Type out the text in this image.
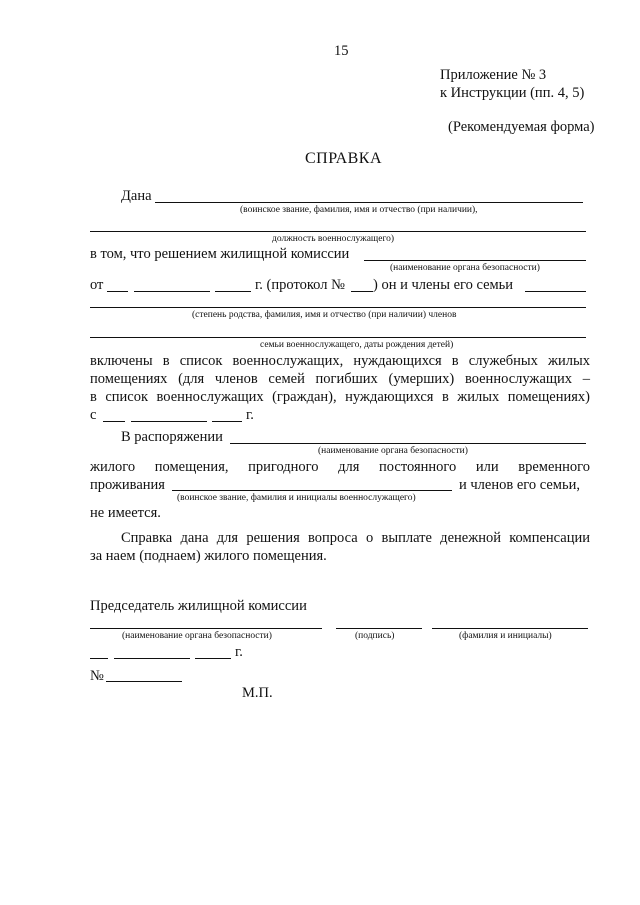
15
Приложение № 3
к Инструкции (пп. 4, 5)
(Рекомендуемая форма)
СПРАВКА
Дана
(воинское звание, фамилия, имя и отчество (при наличии),
должность военнослужащего)
в том, что решением жилищной комиссии
(наименование органа безопасности)
от	г. (протокол № ) он и члены его семьи
(степень родства, фамилия, имя и отчество (при наличии) членов
семьи военнослужащего, даты рождения детей)
включены в список военнослужащих, нуждающихся в служебных жилых
помещениях (для членов семей погибших (умерших) военнослужащих –
в список военнослужащих (граждан), нуждающихся в жилых помещениях)
с	г.
В распоряжении
(наименование органа безопасности)
жилого помещения, пригодного для постоянного или временного
проживания	и членов его семьи,
(воинское звание, фамилия и инициалы военнослужащего)
не имеется.
Справка дана для решения вопроса о выплате денежной компенсации
за наем (поднаем) жилого помещения.
Председатель жилищной комиссии
(наименование органа безопасности)	(подпись)	(фамилия и инициалы)
г.
№
М.П.
